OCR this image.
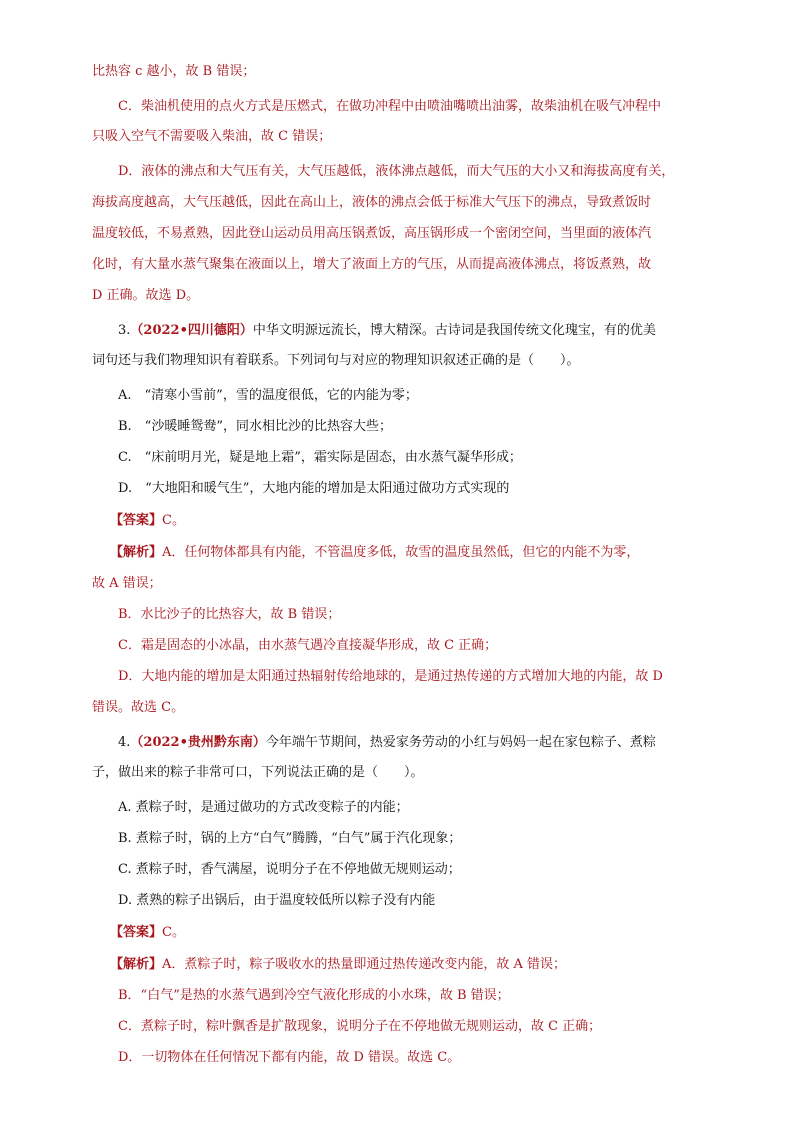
比热容 c 越小，故 B 错误；
C．柴油机使用的点火方式是压燃式，在做功冲程中由喷油嘴喷出油雾，故柴油机在吸气冲程中
只吸入空气不需要吸入柴油，故 C 错误；
D．液体的沸点和大气压有关，大气压越低，液体沸点越低，而大气压的大小又和海拔高度有关，
海拔高度越高，大气压越低，因此在高山上，液体的沸点会低于标准大气压下的沸点，导致煮饭时
温度较低，不易煮熟，因此登山运动员用高压锅煮饭，高压锅形成一个密闭空间，当里面的液体汽
化时，有大量水蒸气聚集在液面以上，增大了液面上方的气压，从而提高液体沸点，将饭煮熟，故
D 正确。故选 D。
3.（2022•四川德阳）中华文明源远流长，博大精深。古诗词是我国传统文化瑰宝，有的优美
词句还与我们物理知识有着联系。下列词句与对应的物理知识叙述正确的是（　　）。
A.　“清寒小雪前”，雪的温度很低，它的内能为零；
B.　“沙暖睡鸳鸯”，同水相比沙的比热容大些；
C.　“床前明月光，疑是地上霜”，霜实际是固态，由水蒸气凝华形成；
D.　“大地阳和暖气生”，大地内能的增加是太阳通过做功方式实现的
【答案】C。
【解析】A．任何物体都具有内能，不管温度多低，故雪的温度虽然低，但它的内能不为零，
故 A 错误；
B．水比沙子的比热容大，故 B 错误；
C．霜是固态的小冰晶，由水蒸气遇冷直接凝华形成，故 C 正确；
D．大地内能的增加是太阳通过热辐射传给地球的，是通过热传递的方式增加大地的内能，故 D
错误。故选 C。
4.（2022•贵州黔东南）今年端午节期间，热爱家务劳动的小红与妈妈一起在家包粽子、煮粽
子，做出来的粽子非常可口，下列说法正确的是（　　）。
A. 煮粽子时，是通过做功的方式改变粽子的内能；
B. 煮粽子时，锅的上方“白气”腾腾，“白气”属于汽化现象；
C. 煮粽子时，香气满屋，说明分子在不停地做无规则运动；
D. 煮熟的粽子出锅后，由于温度较低所以粽子没有内能
【答案】C。
【解析】A．煮粽子时，粽子吸收水的热量即通过热传递改变内能，故 A 错误；
B．“白气”是热的水蒸气遇到冷空气液化形成的小水珠，故 B 错误；
C．煮粽子时，粽叶飘香是扩散现象，说明分子在不停地做无规则运动，故 C 正确；
D．一切物体在任何情况下都有内能，故 D 错误。故选 C。
